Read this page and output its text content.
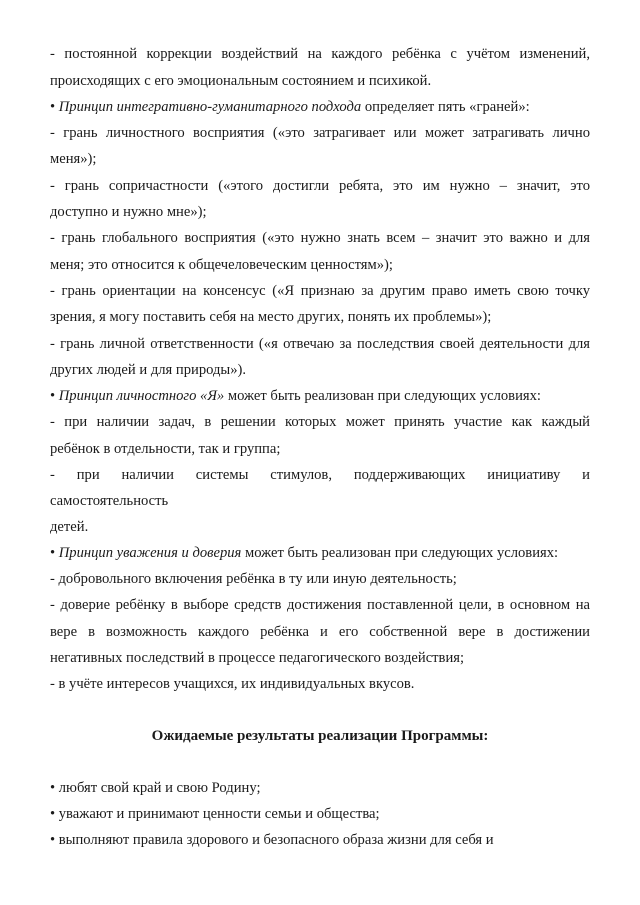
- постоянной коррекции воздействий на каждого ребёнка с учётом изменений,
происходящих с его эмоциональным состоянием и психикой.
• Принцип интегративно-гуманитарного подхода определяет пять «граней»:
- грань личностного восприятия («это затрагивает или может затрагивать лично
меня»);
- грань сопричастности («этого достигли ребята, это им нужно – значит, это
доступно и нужно мне»);
- грань глобального восприятия («это нужно знать всем – значит это важно и для
меня; это относится к общечеловеческим ценностям»);
- грань ориентации на консенсус («Я признаю за другим право иметь свою точку
зрения, я могу поставить себя на место других, понять их проблемы»);
- грань личной ответственности («я отвечаю за последствия своей деятельности для
других людей и для природы»).
• Принцип личностного «Я» может быть реализован при следующих условиях:
- при наличии задач, в решении которых может принять участие как каждый
ребёнок в отдельности, так и группа;
- при наличии системы стимулов, поддерживающих инициативу и
самостоятельность
детей.
• Принцип уважения и доверия может быть реализован при следующих условиях:
- добровольного включения ребёнка в ту или иную деятельность;
- доверие ребёнку в выборе средств достижения поставленной цели, в основном на
вере в возможность каждого ребёнка и его собственной вере в достижении
негативных последствий в процессе педагогического воздействия;
- в учёте интересов учащихся, их индивидуальных вкусов.
Ожидаемые результаты реализации Программы:
• любят свой край и свою Родину;
• уважают и принимают ценности семьи и общества;
• выполняют правила здорового и безопасного образа жизни для себя и
